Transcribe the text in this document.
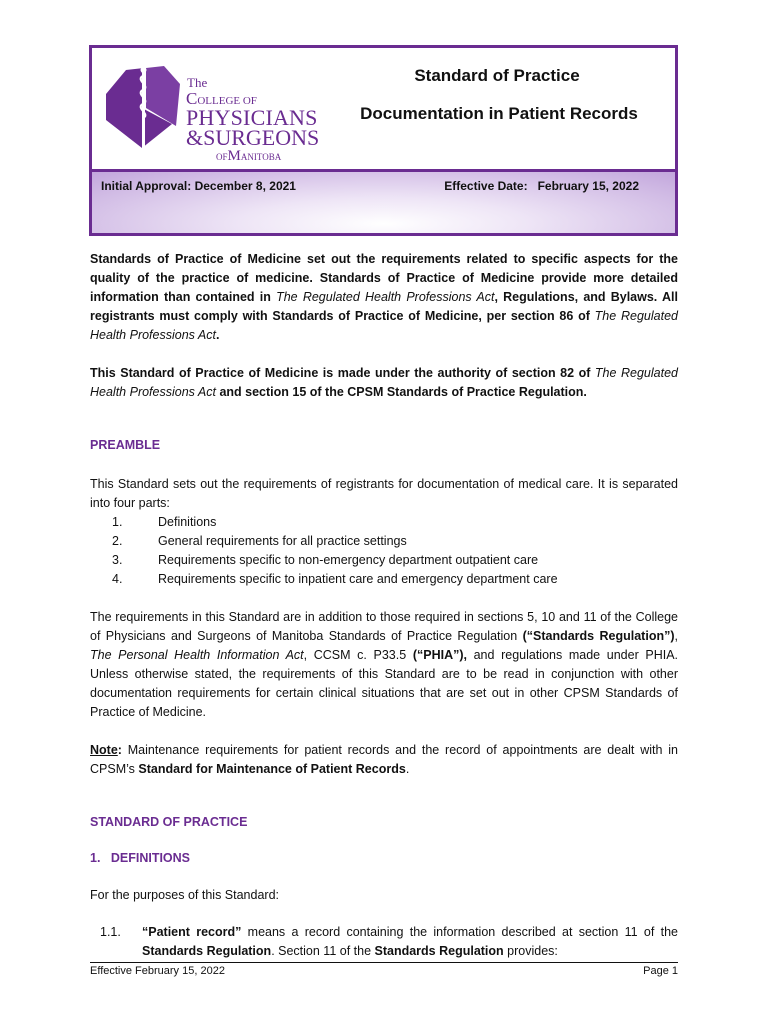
The
COLLEGE OF
PHYSICIANS
&SURGEONS
OFMANITOBA
Standard of Practice
Documentation in Patient Records
Initial Approval: December 8, 2021	Effective Date:   February 15, 2022

Standards of Practice of Medicine set out the requirements related to specific aspects for the quality of the practice of medicine. Standards of Practice of Medicine provide more detailed information than contained in The Regulated Health Professions Act, Regulations, and Bylaws. All registrants must comply with Standards of Practice of Medicine, per section 86 of The Regulated Health Professions Act.

This Standard of Practice of Medicine is made under the authority of section 82 of The Regulated Health Professions Act and section 15 of the CPSM Standards of Practice Regulation.

PREAMBLE

This Standard sets out the requirements of registrants for documentation of medical care. It is separated into four parts:

1.	Definitions
2.	General requirements for all practice settings
3.	Requirements specific to non-emergency department outpatient care
4.	Requirements specific to inpatient care and emergency department care

The requirements in this Standard are in addition to those required in sections 5, 10 and 11 of the College of Physicians and Surgeons of Manitoba Standards of Practice Regulation (“Standards Regulation”), The Personal Health Information Act, CCSM c. P33.5 (“PHIA”), and regulations made under PHIA. Unless otherwise stated, the requirements of this Standard are to be read in conjunction with other documentation requirements for certain clinical situations that are set out in other CPSM Standards of Practice of Medicine.

Note: Maintenance requirements for patient records and the record of appointments are dealt with in CPSM’s Standard for Maintenance of Patient Records.

STANDARD OF PRACTICE

1.   DEFINITIONS

For the purposes of this Standard:

1.1.	“Patient record” means a record containing the information described at section 11 of the Standards Regulation. Section 11 of the Standards Regulation provides:
Effective February 15, 2022	Page 1
